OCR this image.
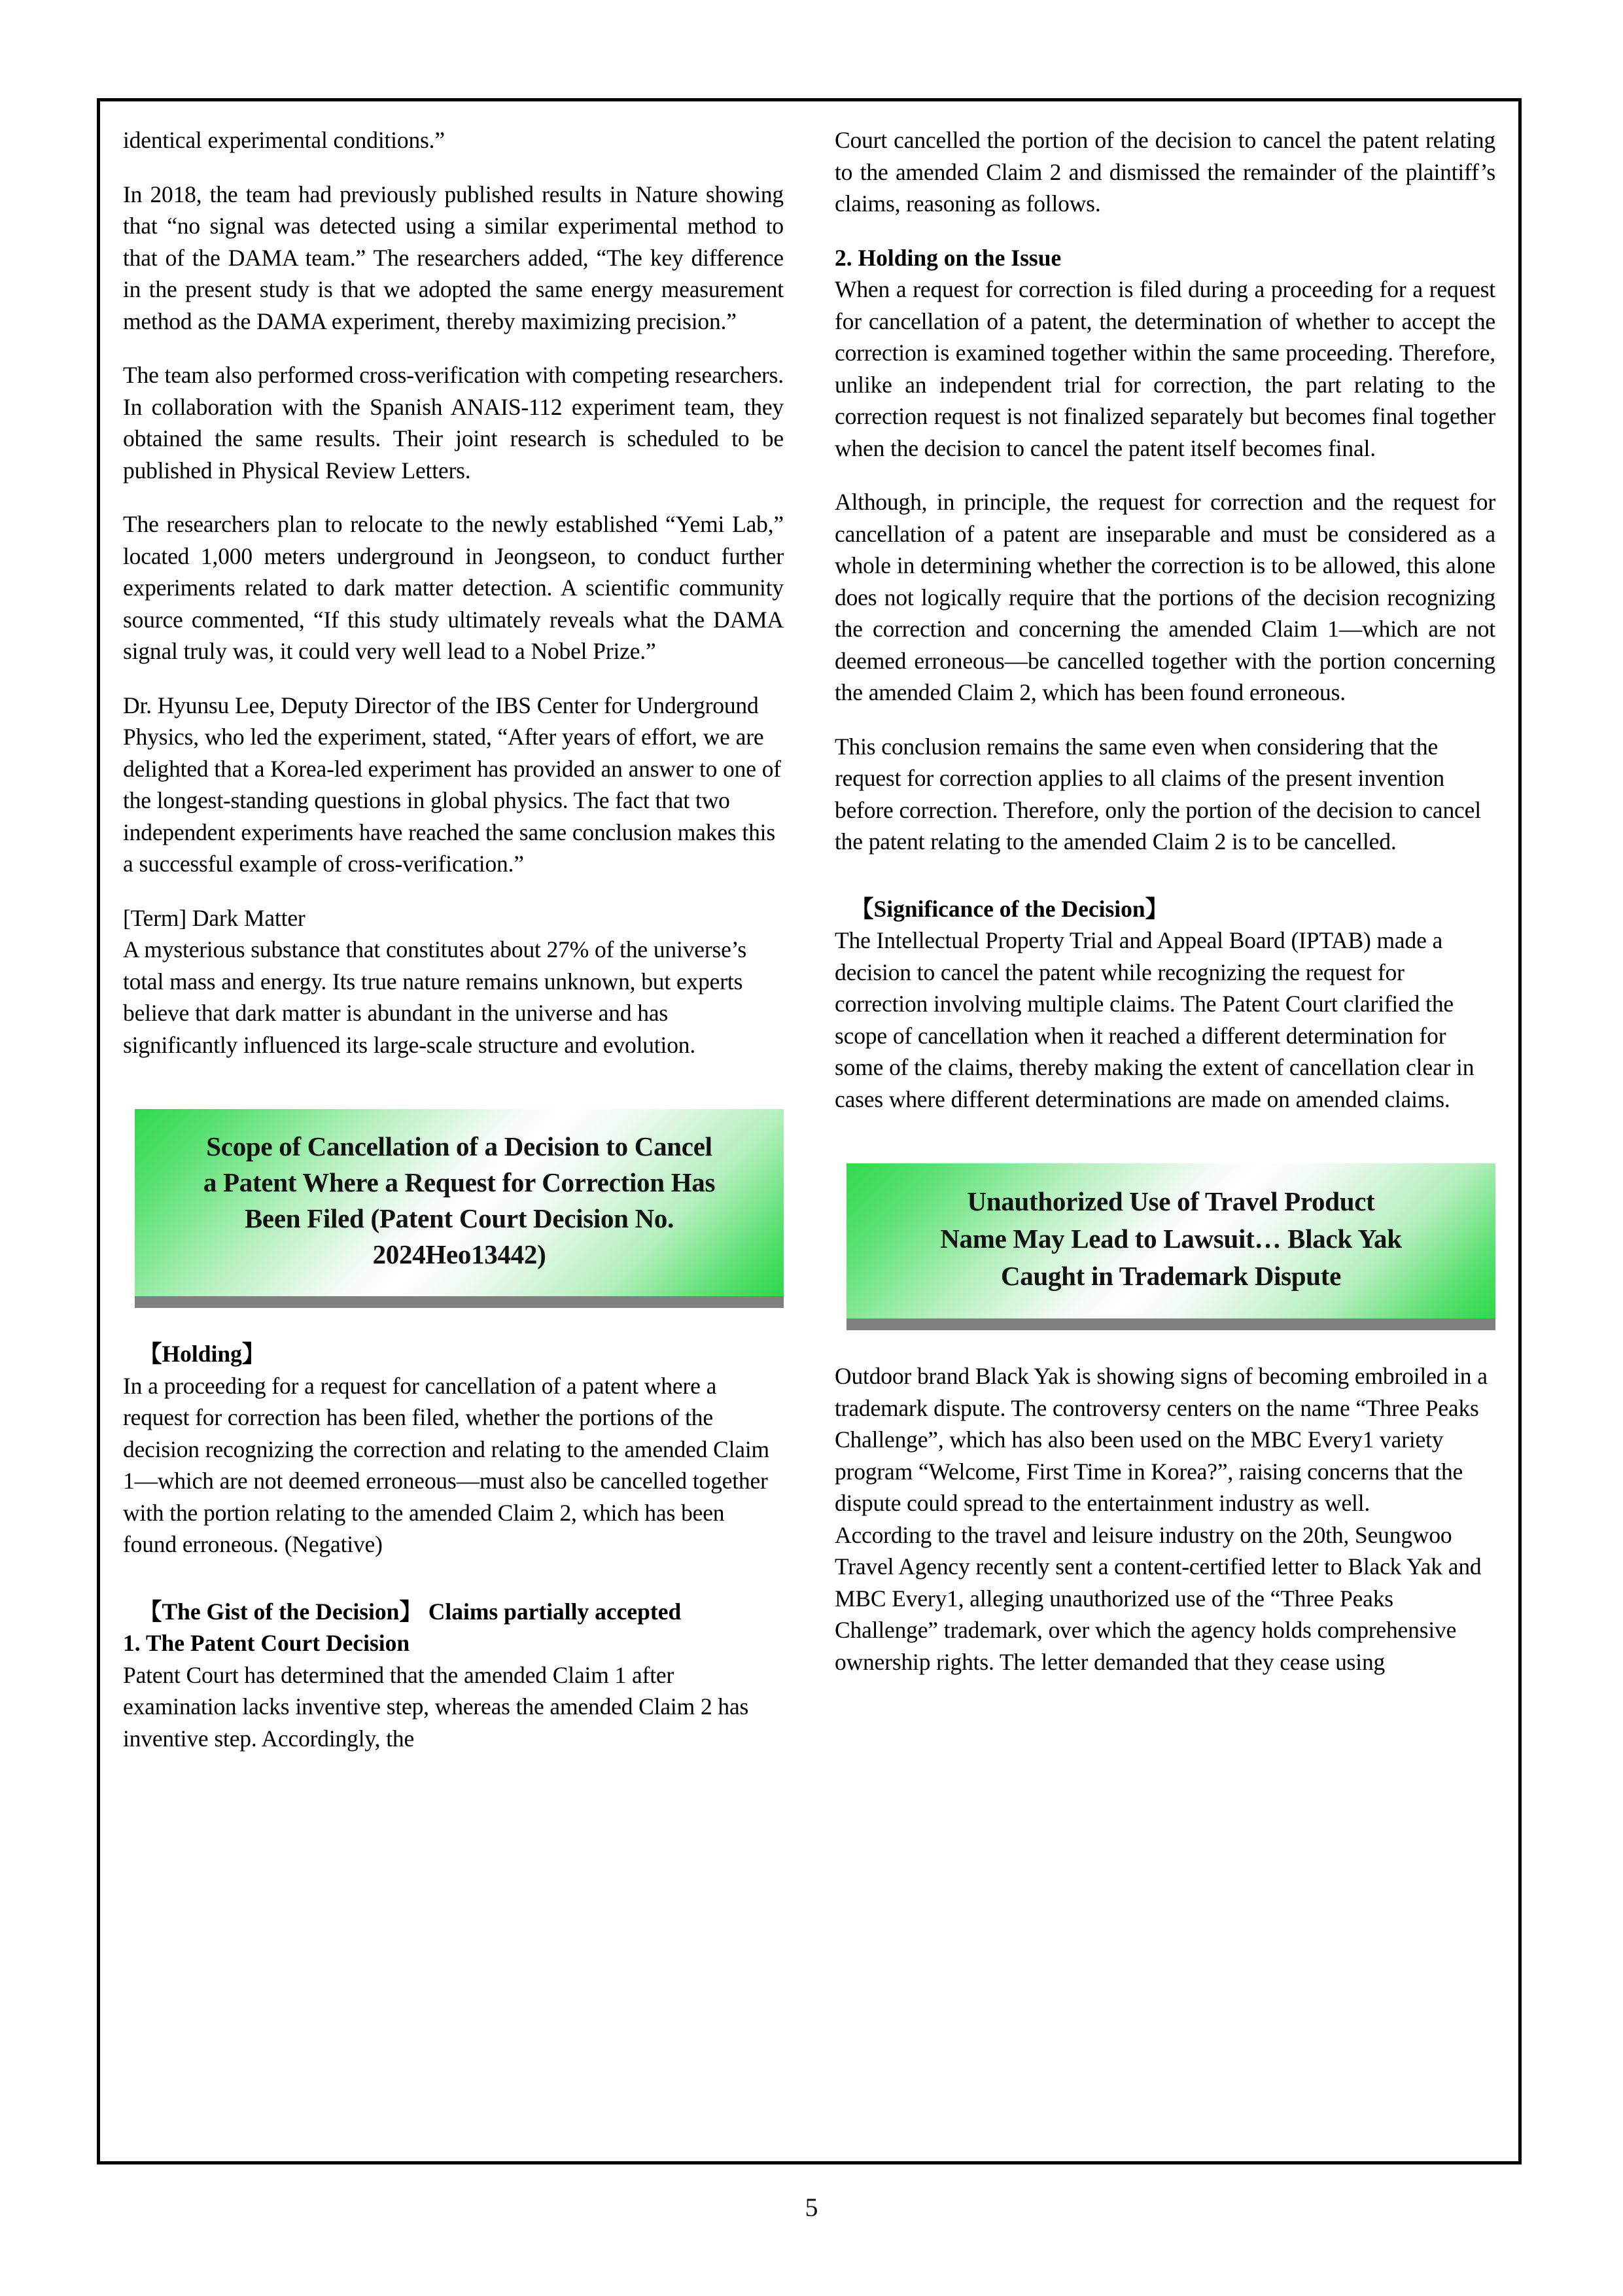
identical experimental conditions.”

In 2018, the team had previously published results in Nature showing that “no signal was detected using a similar experimental method to that of the DAMA team.” The researchers added, “The key difference in the present study is that we adopted the same energy measurement method as the DAMA experiment, thereby maximizing precision.”

The team also performed cross-verification with competing researchers. In collaboration with the Spanish ANAIS-112 experiment team, they obtained the same results. Their joint research is scheduled to be published in Physical Review Letters.

The researchers plan to relocate to the newly established “Yemi Lab,” located 1,000 meters underground in Jeongseon, to conduct further experiments related to dark matter detection. A scientific community source commented, “If this study ultimately reveals what the DAMA signal truly was, it could very well lead to a Nobel Prize.”

Dr. Hyunsu Lee, Deputy Director of the IBS Center for Underground Physics, who led the experiment, stated, “After years of effort, we are delighted that a Korea-led experiment has provided an answer to one of the longest-standing questions in global physics. The fact that two independent experiments have reached the same conclusion makes this a successful example of cross-verification.”

[Term] Dark Matter

A mysterious substance that constitutes about 27% of the universe’s total mass and energy. Its true nature remains unknown, but experts believe that dark matter is abundant in the universe and has significantly influenced its large-scale structure and evolution.

Scope of Cancellation of a Decision to Cancel
a Patent Where a Request for Correction Has
Been Filed (Patent Court Decision No.
2024Heo13442)
【Holding】

In a proceeding for a request for cancellation of a patent where a request for correction has been filed, whether the portions of the decision recognizing the correction and relating to the amended Claim 1—which are not deemed erroneous—must also be cancelled together with the portion relating to the amended Claim 2, which has been found erroneous. (Negative)

【The Gist of the Decision】 Claims partially accepted
1. The Patent Court Decision

Patent Court has determined that the amended Claim 1 after examination lacks inventive step, whereas the amended Claim 2 has inventive step. Accordingly, the

Court cancelled the portion of the decision to cancel the patent relating to the amended Claim 2 and dismissed the remainder of the plaintiff’s claims, reasoning as follows.

2. Holding on the Issue

When a request for correction is filed during a proceeding for a request for cancellation of a patent, the determination of whether to accept the correction is examined together within the same proceeding. Therefore, unlike an independent trial for correction, the part relating to the correction request is not finalized separately but becomes final together when the decision to cancel the patent itself becomes final.

Although, in principle, the request for correction and the request for cancellation of a patent are inseparable and must be considered as a whole in determining whether the correction is to be allowed, this alone does not logically require that the portions of the decision recognizing the correction and concerning the amended Claim 1—which are not deemed erroneous—be cancelled together with the portion concerning the amended Claim 2, which has been found erroneous.

This conclusion remains the same even when considering that the request for correction applies to all claims of the present invention before correction. Therefore, only the portion of the decision to cancel the patent relating to the amended Claim 2 is to be cancelled.

【Significance of the Decision】

The Intellectual Property Trial and Appeal Board (IPTAB) made a decision to cancel the patent while recognizing the request for correction involving multiple claims. The Patent Court clarified the scope of cancellation when it reached a different determination for some of the claims, thereby making the extent of cancellation clear in cases where different determinations are made on amended claims.

Unauthorized Use of Travel Product
Name May Lead to Lawsuit… Black Yak
Caught in Trademark Dispute

Outdoor brand Black Yak is showing signs of becoming embroiled in a trademark dispute. The controversy centers on the name “Three Peaks Challenge”, which has also been used on the MBC Every1 variety program “Welcome, First Time in Korea?”, raising concerns that the dispute could spread to the entertainment industry as well.

According to the travel and leisure industry on the 20th, Seungwoo Travel Agency recently sent a content-certified letter to Black Yak and MBC Every1, alleging unauthorized use of the “Three Peaks Challenge” trademark, over which the agency holds comprehensive ownership rights. The letter demanded that they cease using

5
